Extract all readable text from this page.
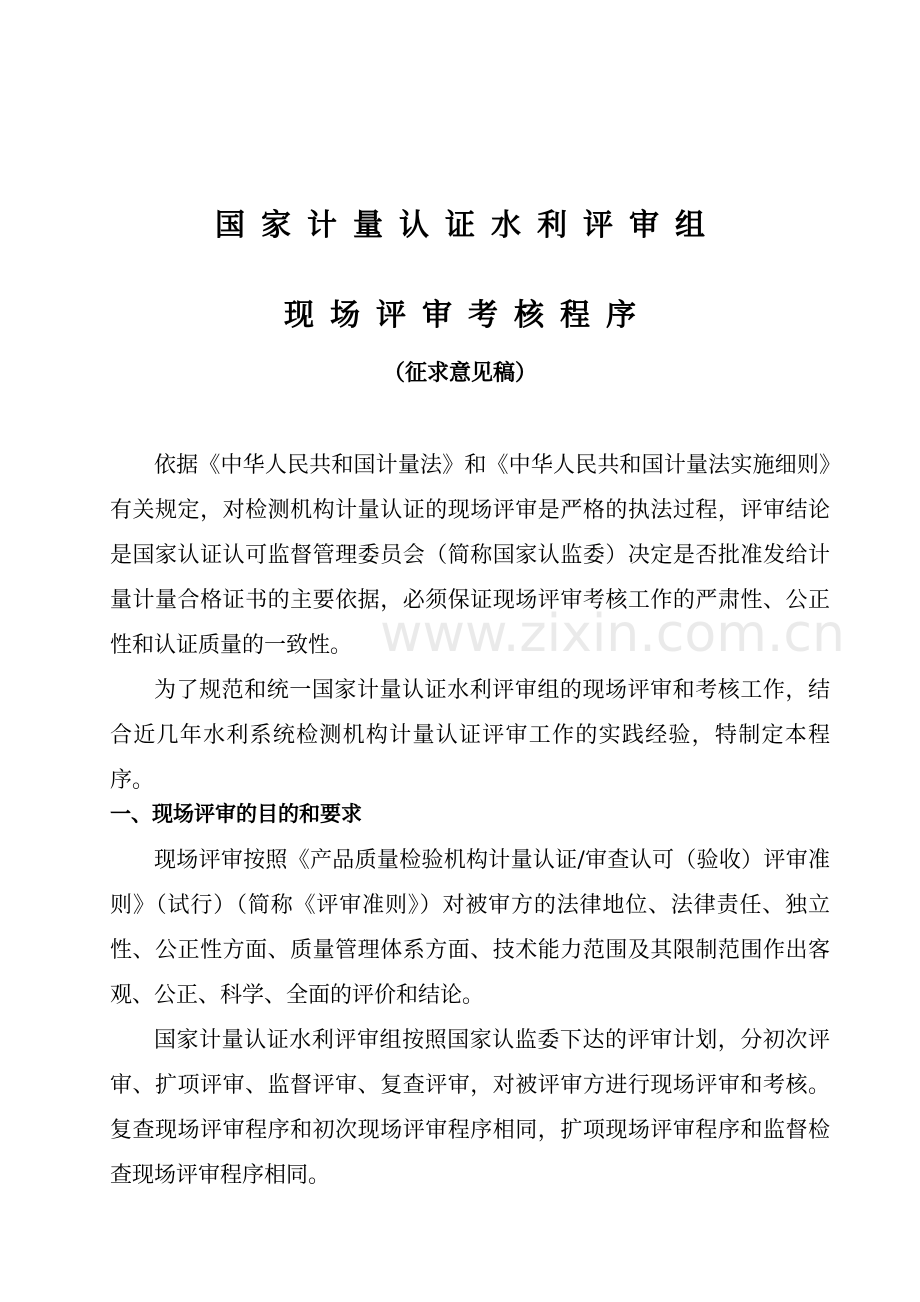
国家计量认证水利评审组
现场评审考核程序
（征求意见稿）

依据《中华人民共和国计量法》和《中华人民共和国计量法实施细则》有关规定，对检测机构计量认证的现场评审是严格的执法过程，评审结论是国家认证认可监督管理委员会（简称国家认监委）决定是否批准发给计量计量合格证书的主要依据，必须保证现场评审考核工作的严肃性、公正性和认证质量的一致性。

为了规范和统一国家计量认证水利评审组的现场评审和考核工作，结合近几年水利系统检测机构计量认证评审工作的实践经验，特制定本程序。

一、现场评审的目的和要求

现场评审按照《产品质量检验机构计量认证/审查认可（验收）评审准则》（试行）（简称《评审准则》）对被审方的法律地位、法律责任、独立性、公正性方面、质量管理体系方面、技术能力范围及其限制范围作出客观、公正、科学、全面的评价和结论。

国家计量认证水利评审组按照国家认监委下达的评审计划，分初次评审、扩项评审、监督评审、复查评审，对被评审方进行现场评审和考核。复查现场评审程序和初次现场评审程序相同，扩项现场评审程序和监督检查现场评审程序相同。

www.zixin.com.cn
